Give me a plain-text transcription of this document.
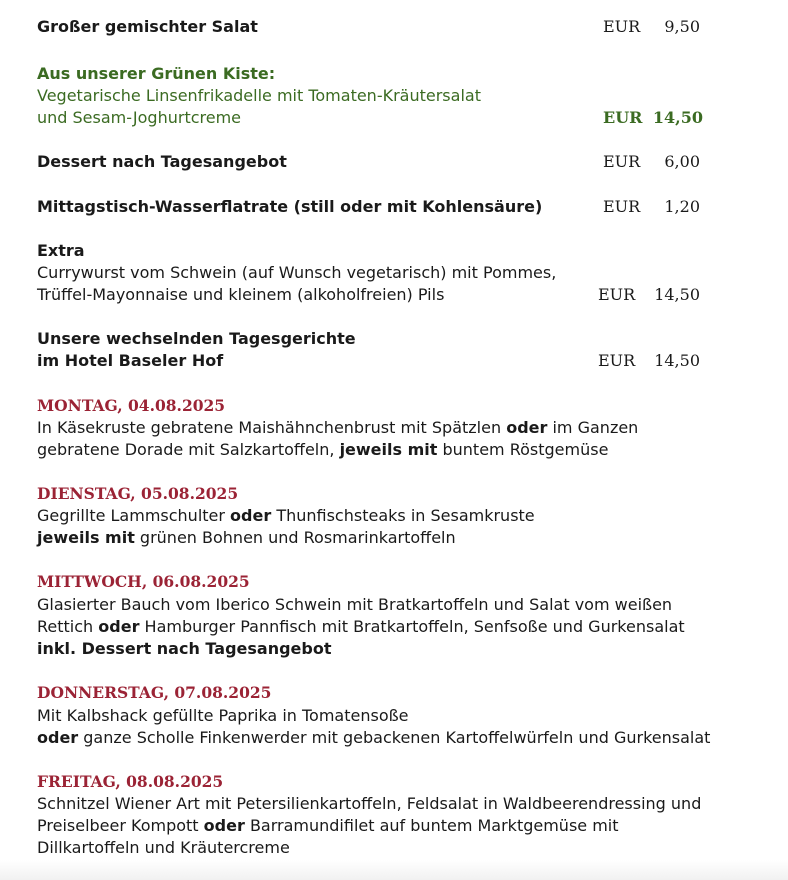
Großer gemischter Salat	EUR	9,50
Aus unserer Grünen Kiste:
Vegetarische Linsenfrikadelle mit Tomaten-Kräutersalat
und Sesam-Joghurtcreme	EUR 14,50
Dessert nach Tagesangebot	EUR	6,00
Mittagstisch-Wasserflatrate (still oder mit Kohlensäure)	EUR	1,20
Extra
Currywurst vom Schwein (auf Wunsch vegetarisch) mit Pommes,
Trüffel-Mayonnaise und kleinem (alkoholfreien) Pils	EUR	14,50
Unsere wechselnden Tagesgerichte
im Hotel Baseler Hof	EUR	14,50
MONTAG, 04.08.2025
In Käsekruste gebratene Maishähnchenbrust mit Spätzlen oder im Ganzen
gebratene Dorade mit Salzkartoffeln, jeweils mit buntem Röstgemüse
DIENSTAG, 05.08.2025
Gegrillte Lammschulter oder Thunfischsteaks in Sesamkruste
jeweils mit grünen Bohnen und Rosmarinkartoffeln
MITTWOCH, 06.08.2025
Glasierter Bauch vom Iberico Schwein mit Bratkartoffeln und Salat vom weißen
Rettich oder Hamburger Pannfisch mit Bratkartoffeln, Senfsoße und Gurkensalat
inkl. Dessert nach Tagesangebot
DONNERSTAG, 07.08.2025
Mit Kalbshack gefüllte Paprika in Tomatensoße
oder ganze Scholle Finkenwerder mit gebackenen Kartoffelwürfeln und Gurkensalat
FREITAG, 08.08.2025
Schnitzel Wiener Art mit Petersilienkartoffeln, Feldsalat in Waldbeerendressing und
Preiselbeer Kompott oder Barramundifilet auf buntem Marktgemüse mit
Dillkartoffeln und Kräutercreme
